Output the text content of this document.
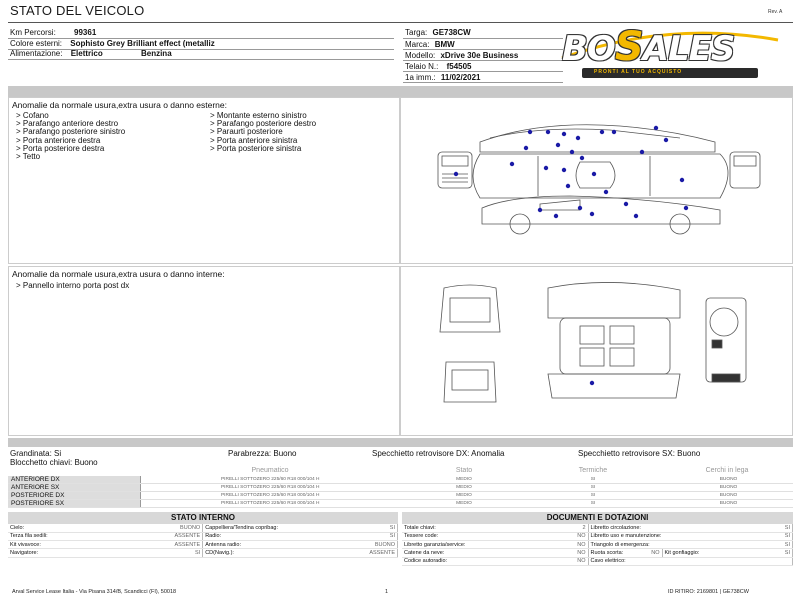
STATO DEL VEICOLO	Rev. A
Km Percorsi: 99361
Colore esterni: Sophisto Grey Brilliant effect (metalliz
Alimentazione: Elettrico	Benzina
Targa: GE738CW
Marca: BMW
Modello: xDrive 30e Business
Telaio N.: f54505
1a imm.: 11/02/2021
BOSALES
PRONTI AL TUO ACQUISTO
Anomalie da normale usura,extra usura o danno esterne:
> Cofano
> Parafango anteriore destro
> Parafango posteriore sinistro
> Porta anteriore destra
> Porta posteriore destra
> Tetto
> Montante esterno sinistro
> Parafango posteriore destro
> Paraurti posteriore
> Porta anteriore sinistra
> Porta posteriore sinistra
Anomalie da normale usura,extra usura o danno interne:
> Pannello interno porta post dx
Grandinata: Si	Parabrezza: Buono	Specchietto retrovisore DX: Anomalia	Specchietto retrovisore SX: Buono
Blocchetto chiavi: Buono
Pneumatico	Stato	Termiche	Cerchi in lega
ANTERIORE DX	PIRELLI SOTTOZERO 225/60 R18 000/104 H	MEDIO	SI		BUONO
ANTERIORE SX	PIRELLI SOTTOZERO 225/60 R18 000/104 H	MEDIO	SI		BUONO
POSTERIORE DX	PIRELLI SOTTOZERO 225/60 R18 000/104 H	MEDIO	SI		BUONO
POSTERIORE SX	PIRELLI SOTTOZERO 225/60 R18 000/104 H	MEDIO	SI		BUONO
STATO INTERNO
Cielo:	BUONO	Cappelliera/Tendina copribag:	SI
Terza fila sedili:	ASSENTE	Radio:	SI
Kit vivavoce:	ASSENTE	Antenna radio:	BUONO
Navigatore:	SI	CD(Navig.):	ASSENTE
DOCUMENTI E DOTAZIONI
Totale chiavi:	2	Libretto circolazione:			SI
Tessere code:	NO	Libretto uso e manutenzione:			SI
Libretto garanzia/service:	NO	Triangolo di emergenza:			SI
Catene da neve:	NO	Ruota scorta:	NO	Kit gonfiaggio:	SI
Codice autoradio:	NO	Cavo elettrico:			
Arval Service Lease Italia - Via Pisana 314/B, Scandicci (FI), 50018	1	ID RITIRO: 2169801 | GE738CW
